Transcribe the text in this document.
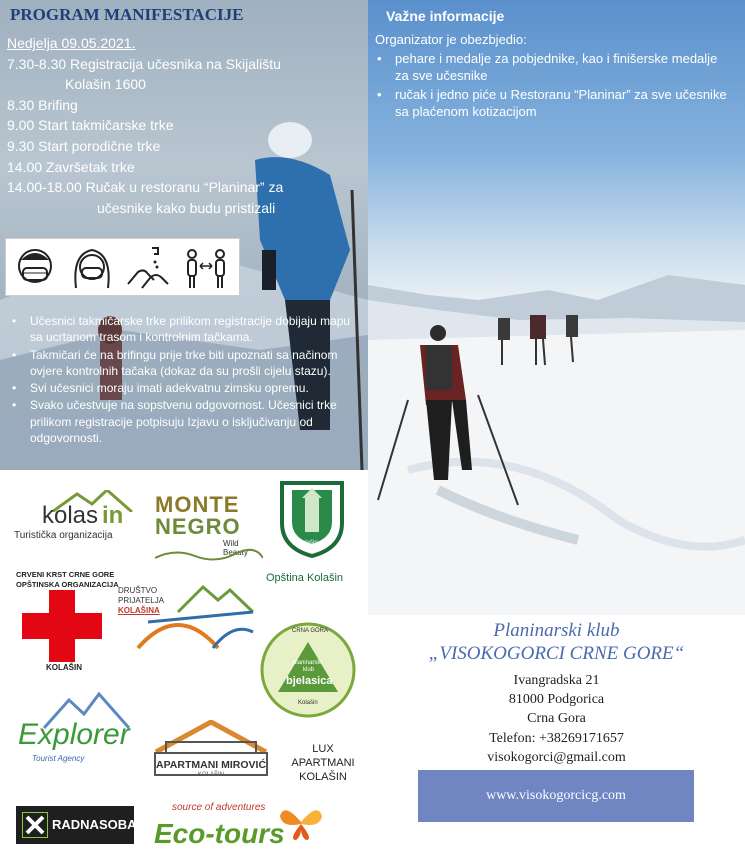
PROGRAM MANIFESTACIJE
Nedjelja 09.05.2021.
7.30-8.30 Registracija učesnika na Skijalištu
Kolašin 1600
8.30 Brifing
9.00 Start takmičarske trke
9.30 Start porodične trke
14.00 Završetak trke
14.00-18.00 Ručak u restoranu “Planinar” za
učesnike kako budu pristizali
• Učesnici takmičarske trke prilikom registracije dobijaju mapu sa ucrtanom trasom i kontrolnim tačkama.
• Takmičari će na brifingu prije trke biti upoznati sa načinom ovjere kontrolnih tačaka (dokaz da su prošli cijelu stazu).
• Svi učesnici moraju imati adekvatnu zimsku opremu.
• Svako učestvuje na sopstvenu odgovornost. Učesnici trke prilikom registracije potpisuju Izjavu o isključivanju od odgovornosti.
Važne informacije
Organizator je obezbjedio:
• pehare i medalje za pobjednike, kao i finišerske medalje za sve učesnike
• ručak i jedno piće u Restoranu “Planinar” za sve učesnike sa plaćenom kotizacijom
kolas in
Turistička organizacija
MONTE
NEGRO
Wild Beauty
Kolašin
Opština Kolašin
CRVENI KRST CRNE GORE
OPŠTINSKA ORGANIZACIJA
KOLAŠIN
DRUŠTVO
PRIJATELJA
KOLAŠINA
CRNA GORA
planinarski
klub
bjelasica
Kolašin
Explorer
Tourist Agency
APARTMANI MIROVIĆ
KOLAŠIN
LUX
APARTMANI
KOLAŠIN
RADNASOBA
source of adventures
Eco-tours
Planinarski klub
„VISOKOGORCI CRNE GORE“
Ivangradska 21
81000 Podgorica
Crna Gora
Telefon: +38269171657
visokogorci@gmail.com
www.visokogorcicg.com
